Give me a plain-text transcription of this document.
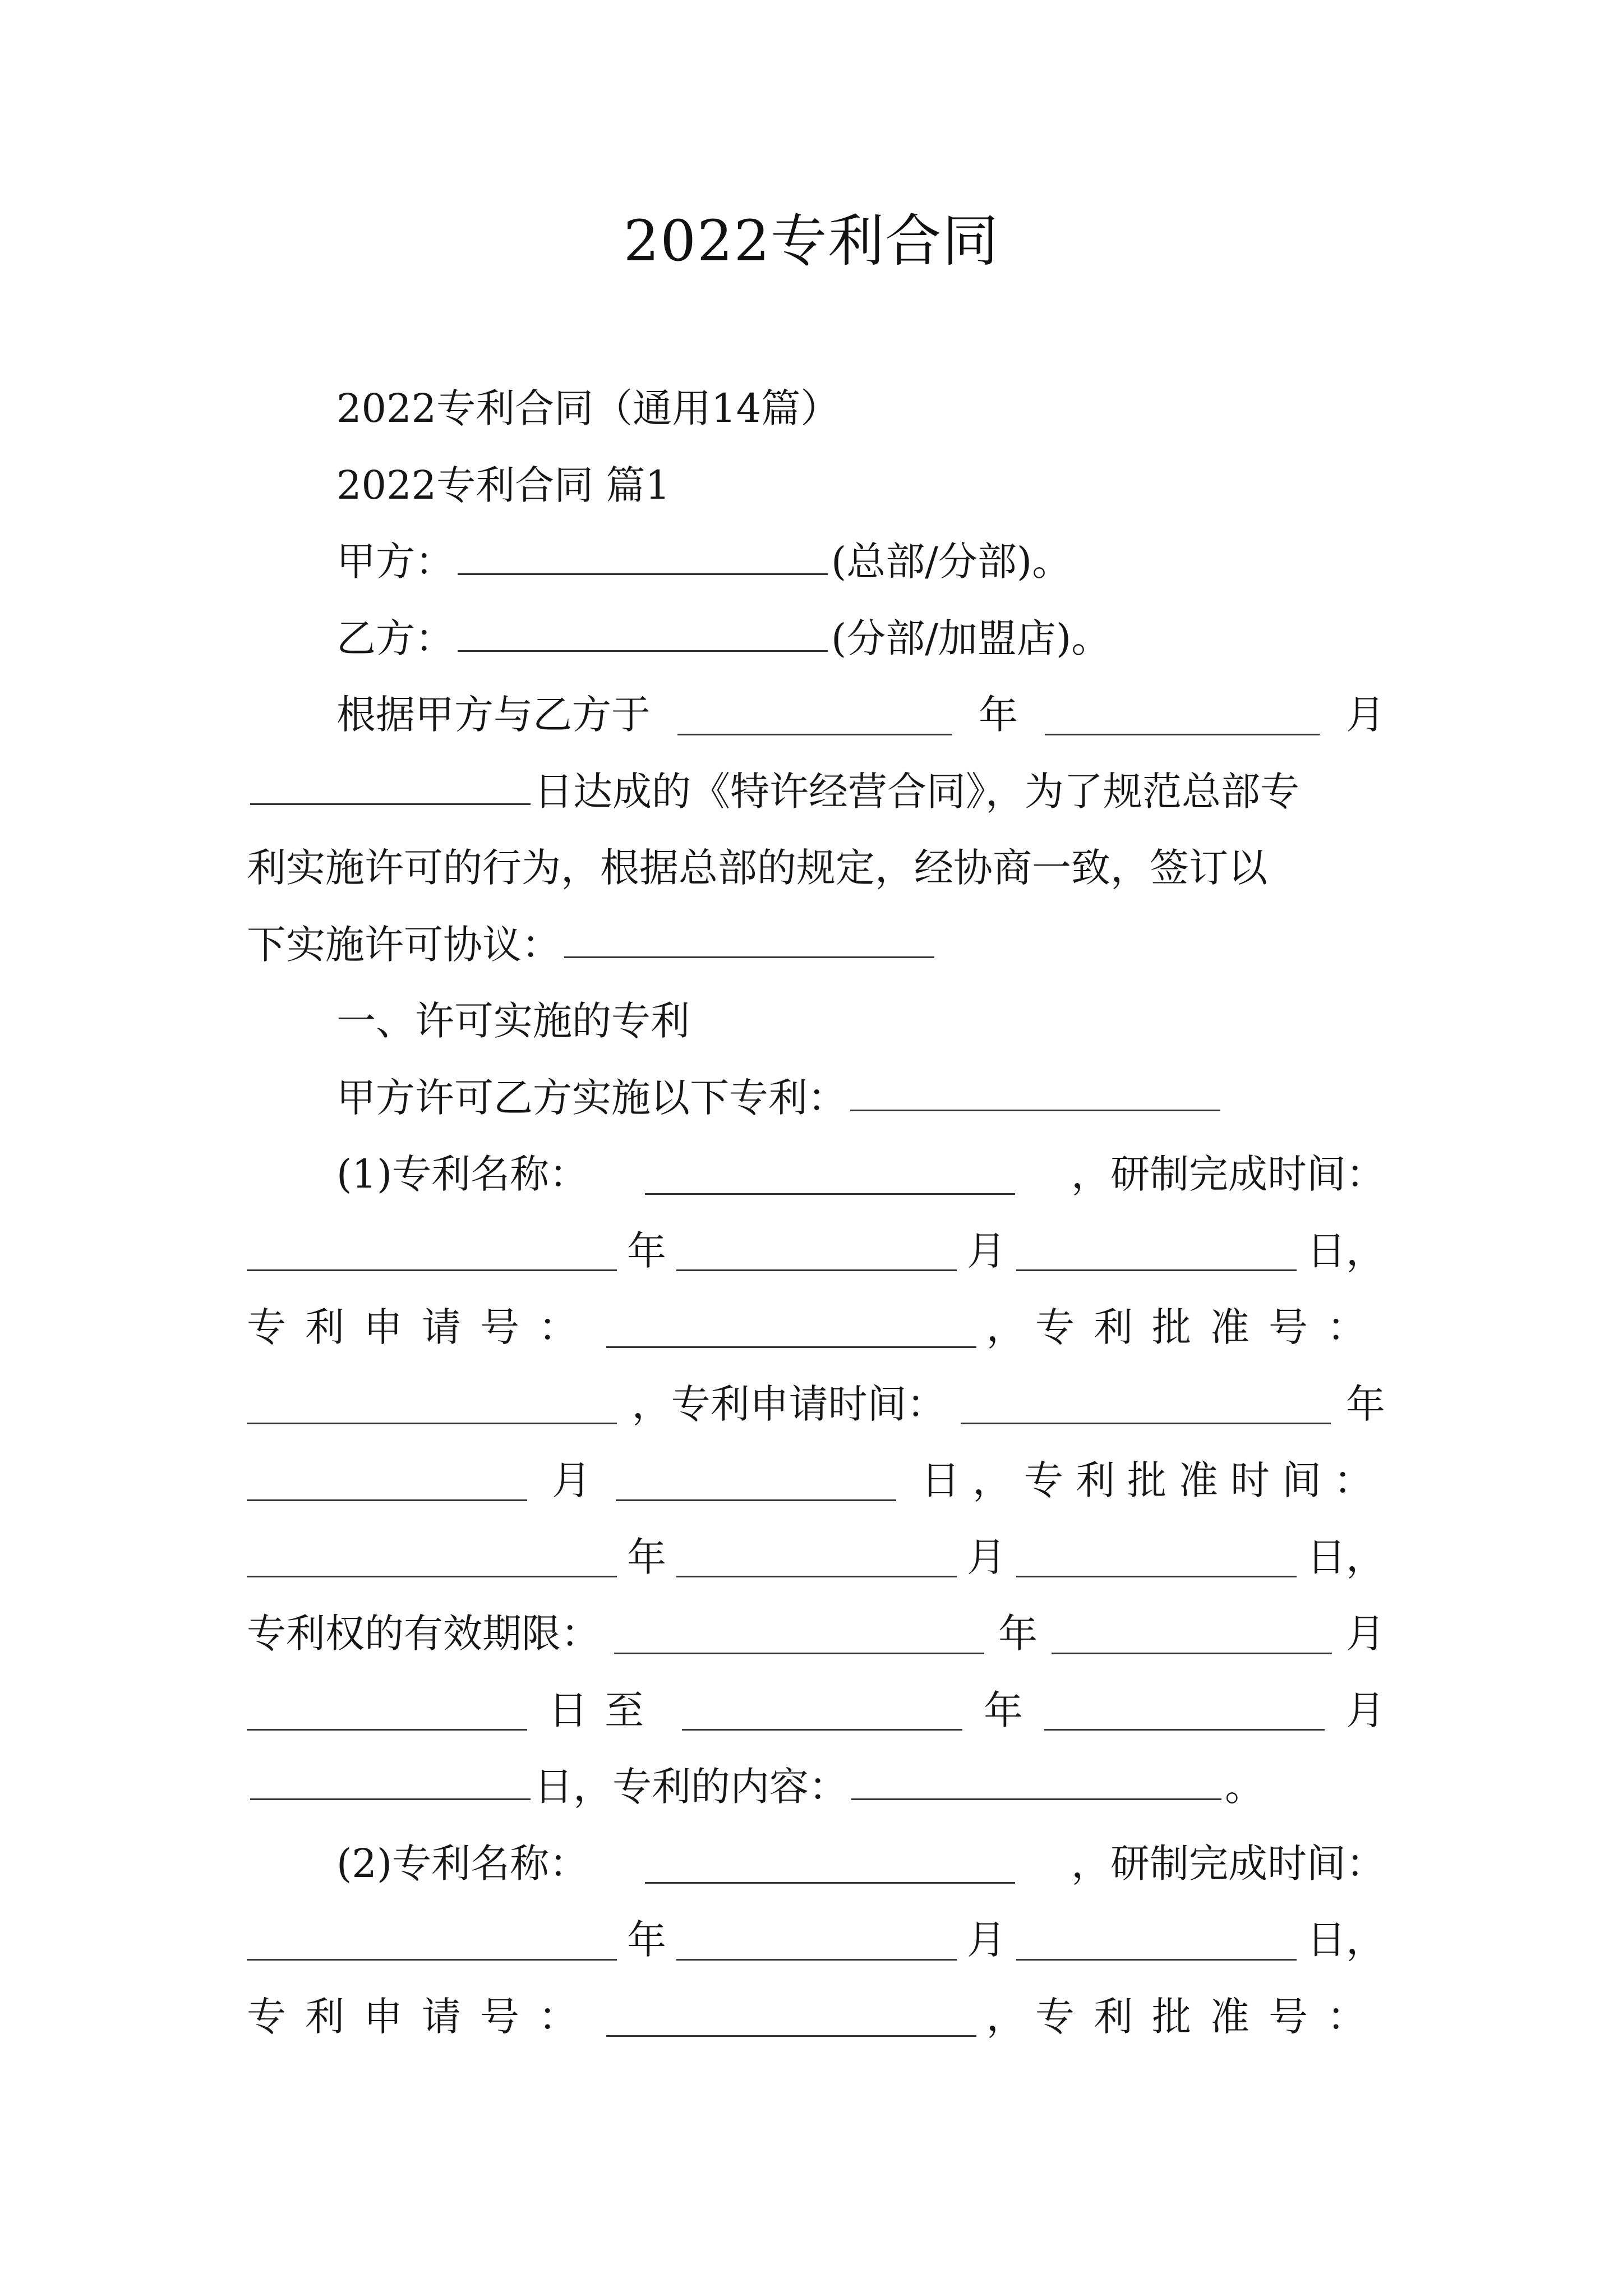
2022专利合同

2022专利合同（通用14篇）

2022专利合同 篇1

甲方：	(总部/分部)。

乙方：	(分部/加盟店)。

根据甲方与乙方于	年	月

日达成的《特许经营合同》，为了规范总部专

利实施许可的行为，根据总部的规定，经协商一致，签订以

下实施许可协议：

一、许可实施的专利

甲方许可乙方实施以下专利：

(1)专利名称：	，研制完成时间：

年	月	日，

专利申请号：	， 专利批准号：

，专利申请时间：	年

月	日，专利批准时间：

年	月	日，

专利权的有效期限：	年	月

日至	年	月

日，专利的内容：	。

(2)专利名称：	，研制完成时间：

年	月	日，

专利申请号：	， 专利批准号：
